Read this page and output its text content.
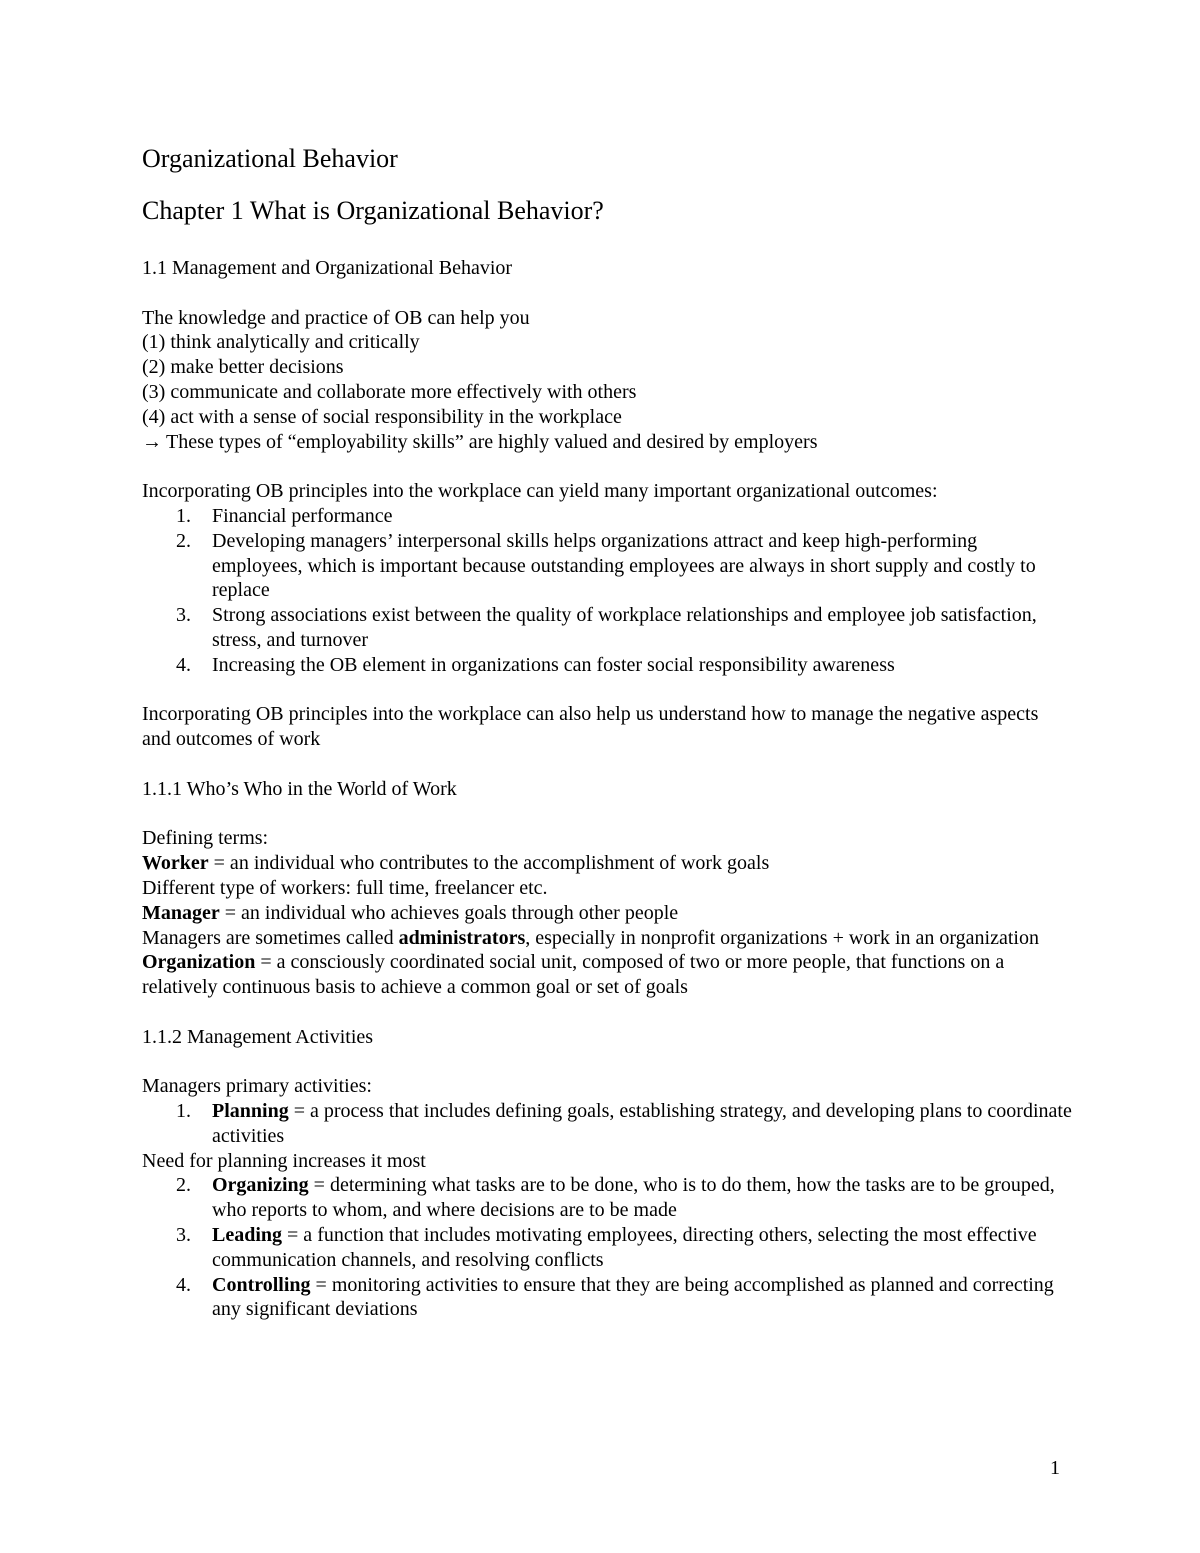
Organizational Behavior
Chapter 1 What is Organizational Behavior?
1.1 Management and Organizational Behavior
The knowledge and practice of OB can help you
(1) think analytically and critically
(2) make better decisions
(3) communicate and collaborate more effectively with others
(4) act with a sense of social responsibility in the workplace
→ These types of “employability skills” are highly valued and desired by employers
Incorporating OB principles into the workplace can yield many important organizational outcomes:
1. Financial performance
2. Developing managers’ interpersonal skills helps organizations attract and keep high-performing employees, which is important because outstanding employees are always in short supply and costly to replace
3. Strong associations exist between the quality of workplace relationships and employee job satisfaction, stress, and turnover
4. Increasing the OB element in organizations can foster social responsibility awareness
Incorporating OB principles into the workplace can also help us understand how to manage the negative aspects and outcomes of work
1.1.1 Who’s Who in the World of Work
Defining terms:
Worker = an individual who contributes to the accomplishment of work goals
Different type of workers: full time, freelancer etc.
Manager = an individual who achieves goals through other people
Managers are sometimes called administrators, especially in nonprofit organizations + work in an organization
Organization = a consciously coordinated social unit, composed of two or more people, that functions on a relatively continuous basis to achieve a common goal or set of goals
1.1.2 Management Activities
Managers primary activities:
1. Planning = a process that includes defining goals, establishing strategy, and developing plans to coordinate activities
Need for planning increases it most
2. Organizing = determining what tasks are to be done, who is to do them, how the tasks are to be grouped, who reports to whom, and where decisions are to be made
3. Leading = a function that includes motivating employees, directing others, selecting the most effective communication channels, and resolving conflicts
4. Controlling = monitoring activities to ensure that they are being accomplished as planned and correcting any significant deviations
1
